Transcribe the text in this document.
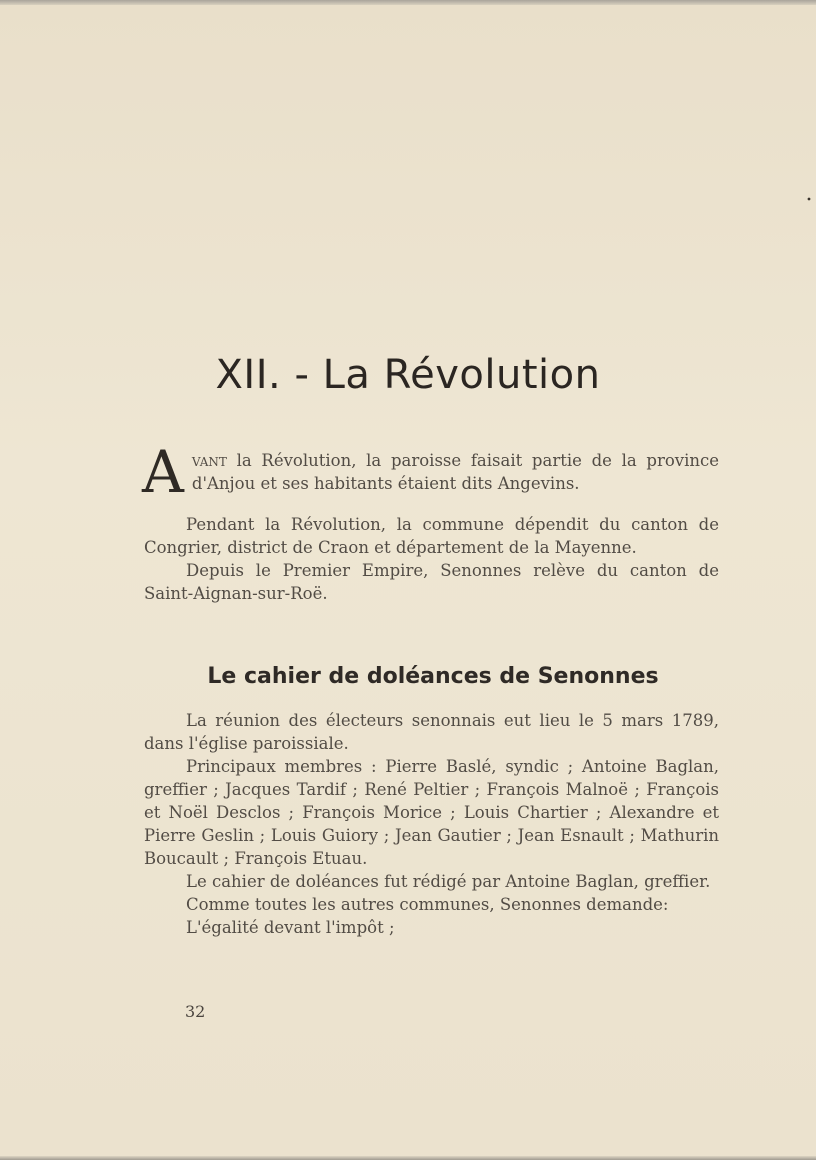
XII. - La Révolution
Avant la Révolution, la paroisse faisait partie de la province d'Anjou et ses habitants étaient dits Angevins.

Pendant la Révolution, la commune dépendit du canton de Congrier, district de Craon et département de la Mayenne.

Depuis le Premier Empire, Senonnes relève du canton de Saint-Aignan-sur-Roë.

Le cahier de doléances de Senonnes

La réunion des électeurs senonnais eut lieu le 5 mars 1789, dans l'église paroissiale.

Principaux membres : Pierre Baslé, syndic ; Antoine Baglan, greffier ; Jacques Tardif ; René Peltier ; François Malnoë ; François et Noël Desclos ; François Morice ; Louis Chartier ; Alexandre et Pierre Geslin ; Louis Guiory ; Jean Gautier ; Jean Esnault ; Mathurin Boucault ; François Etuau.

Le cahier de doléances fut rédigé par Antoine Baglan, greffier.

Comme toutes les autres communes, Senonnes demande:

L'égalité devant l'impôt ;

32
